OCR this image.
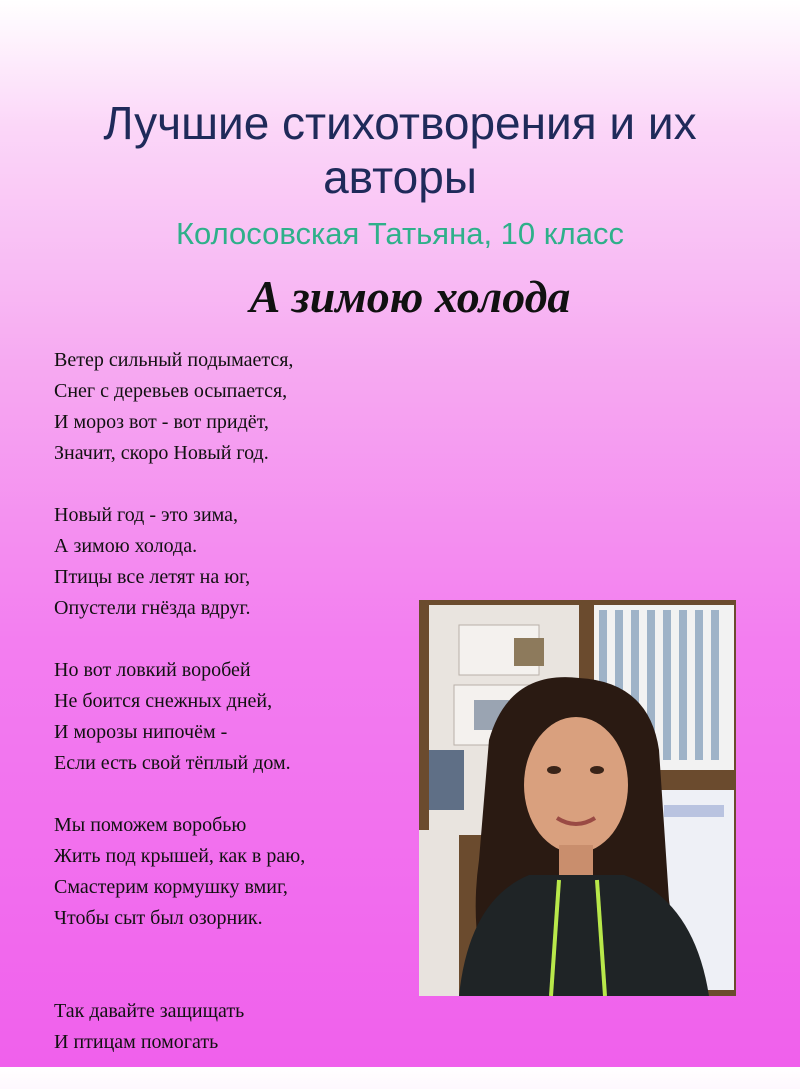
Лучшие стихотворения и их авторы
Колосовская Татьяна, 10 класс
А зимою холода
Ветер сильный подымается,
Снег с деревьев осыпается,
И мороз вот - вот придёт,
Значит, скоро Новый год.
Новый год - это зима,
А зимою холода.
Птицы все летят на юг,
Опустели гнёзда вдруг.
Но вот ловкий воробей
Не боится снежных дней,
И морозы нипочём -
Если есть свой тёплый дом.
Мы поможем воробью
Жить под крышей, как в раю,
Смастерим кормушку вмиг,
Чтобы сыт был озорник.
Так давайте защищать
И птицам помогать
